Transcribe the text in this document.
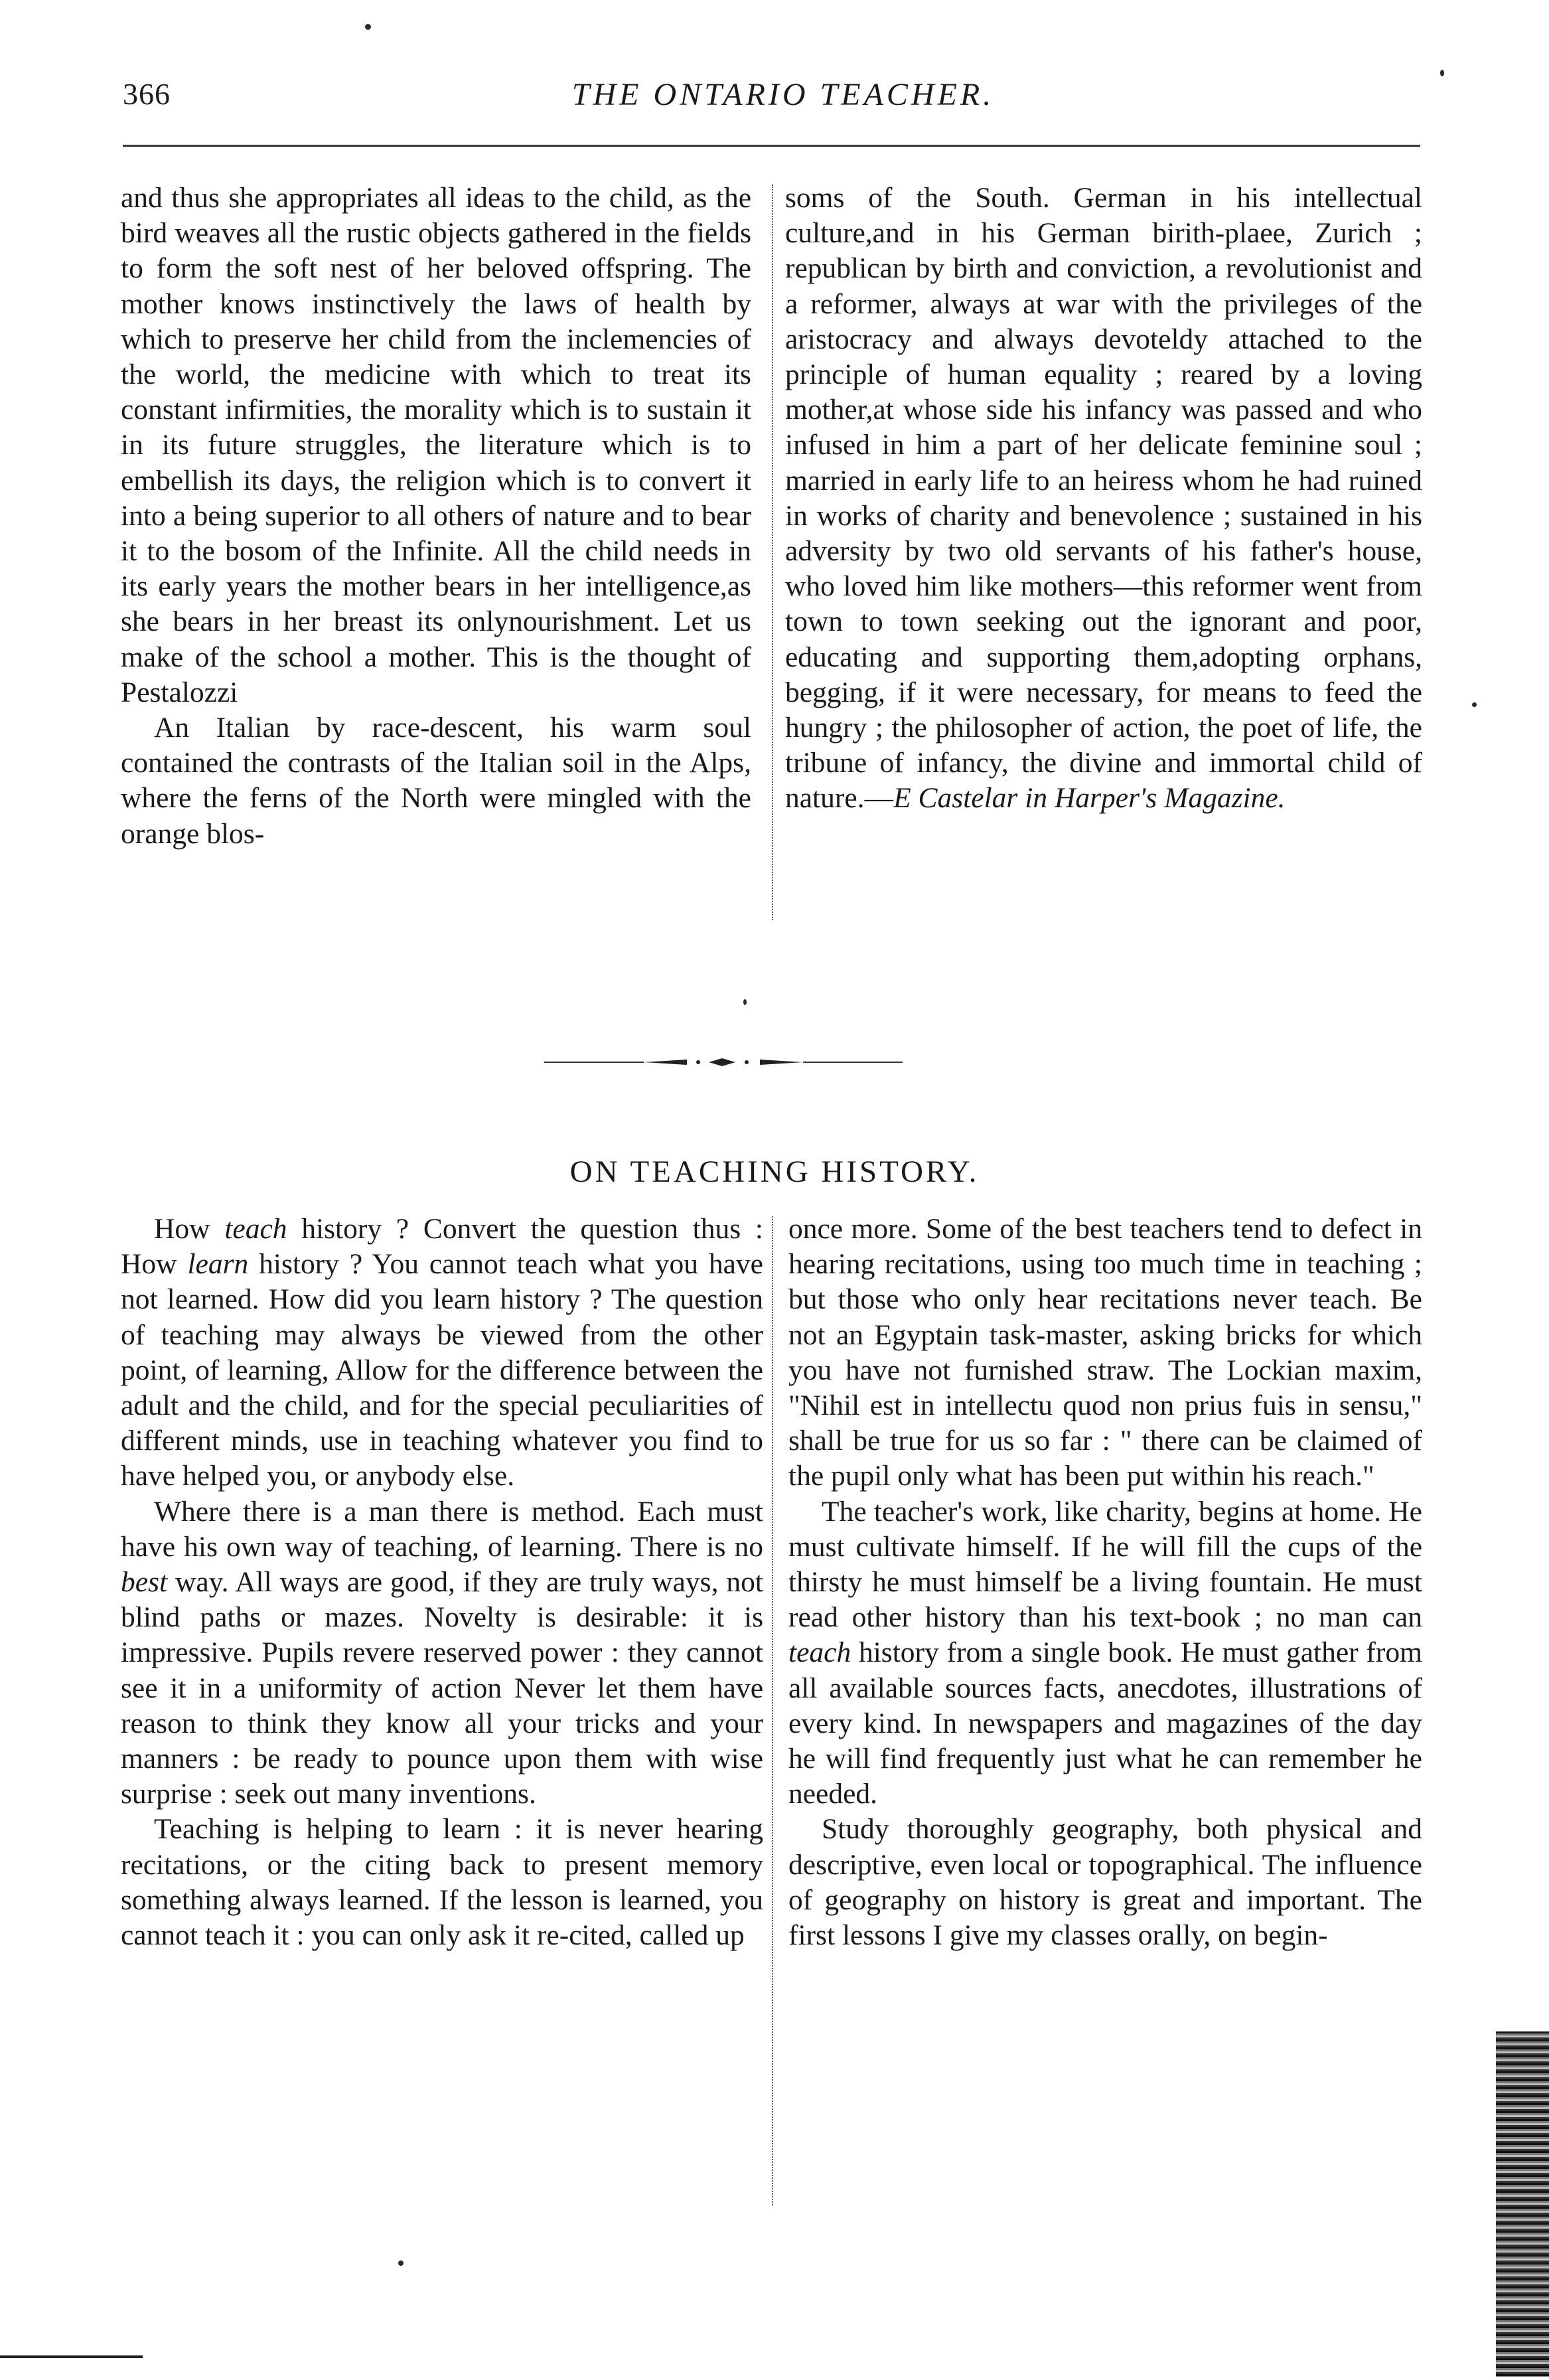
366	THE ONTARIO TEACHER.

and thus she appropriates all ideas to the child, as the bird weaves all the rustic objects gathered in the fields to form the soft nest of her beloved offspring. The mother knows instinctively the laws of health by which to preserve her child from the inclemencies of the world, the medicine with which to treat its constant infirmities, the morality which is to sustain it in its future struggles, the literature which is to embellish its days, the religion which is to convert it into a being superior to all others of nature and to bear it to the bosom of the Infinite. All the child needs in its early years the mother bears in her intelligence,as she bears in her breast its onlynourishment. Let us make of the school a mother. This is the thought of Pestalozzi

An Italian by race-descent, his warm soul contained the contrasts of the Italian soil in the Alps, where the ferns of the North were mingled with the orange blos-

soms of the South. German in his intellectual culture,and in his German birith-plaee, Zurich ; republican by birth and conviction, a revolutionist and a reformer, always at war with the privileges of the aristocracy and always devoteldy attached to the principle of human equality ; reared by a loving mother,at whose side his infancy was passed and who infused in him a part of her delicate feminine soul ; married in early life to an heiress whom he had ruined in works of charity and benevolence ; sustained in his adversity by two old servants of his father's house, who loved him like mothers—this reformer went from town to town seeking out the ignorant and poor, educating and supporting them,adopting orphans, begging, if it were necessary, for means to feed the hungry ; the philosopher of action, the poet of life, the tribune of infancy, the divine and immortal child of nature.—E Castelar in Harper's Magazine.

ON TEACHING HISTORY.

How teach history ? Convert the question thus : How learn history ? You cannot teach what you have not learned. How did you learn history ? The question of teaching may always be viewed from the other point, of learning, Allow for the difference between the adult and the child, and for the special peculiarities of different minds, use in teaching whatever you find to have helped you, or anybody else.

Where there is a man there is method. Each must have his own way of teaching, of learning. There is no best way. All ways are good, if they are truly ways, not blind paths or mazes. Novelty is desirable: it is impressive. Pupils revere reserved power : they cannot see it in a uniformity of action Never let them have reason to think they know all your tricks and your manners : be ready to pounce upon them with wise surprise : seek out many inventions.

Teaching is helping to learn : it is never hearing recitations, or the citing back to present memory something always learned. If the lesson is learned, you cannot teach it : you can only ask it re-cited, called up

once more. Some of the best teachers tend to defect in hearing recitations, using too much time in teaching ; but those who only hear recitations never teach. Be not an Egyptain task-master, asking bricks for which you have not furnished straw. The Lockian maxim, "Nihil est in intellectu quod non prius fuis in sensu," shall be true for us so far : " there can be claimed of the pupil only what has been put within his reach."

The teacher's work, like charity, begins at home. He must cultivate himself. If he will fill the cups of the thirsty he must himself be a living fountain. He must read other history than his text-book ; no man can teach history from a single book. He must gather from all available sources facts, anecdotes, illustrations of every kind. In newspapers and magazines of the day he will find frequently just what he can remember he needed.

Study thoroughly geography, both physical and descriptive, even local or topographical. The influence of geography on history is great and important. The first lessons I give my classes orally, on begin-
